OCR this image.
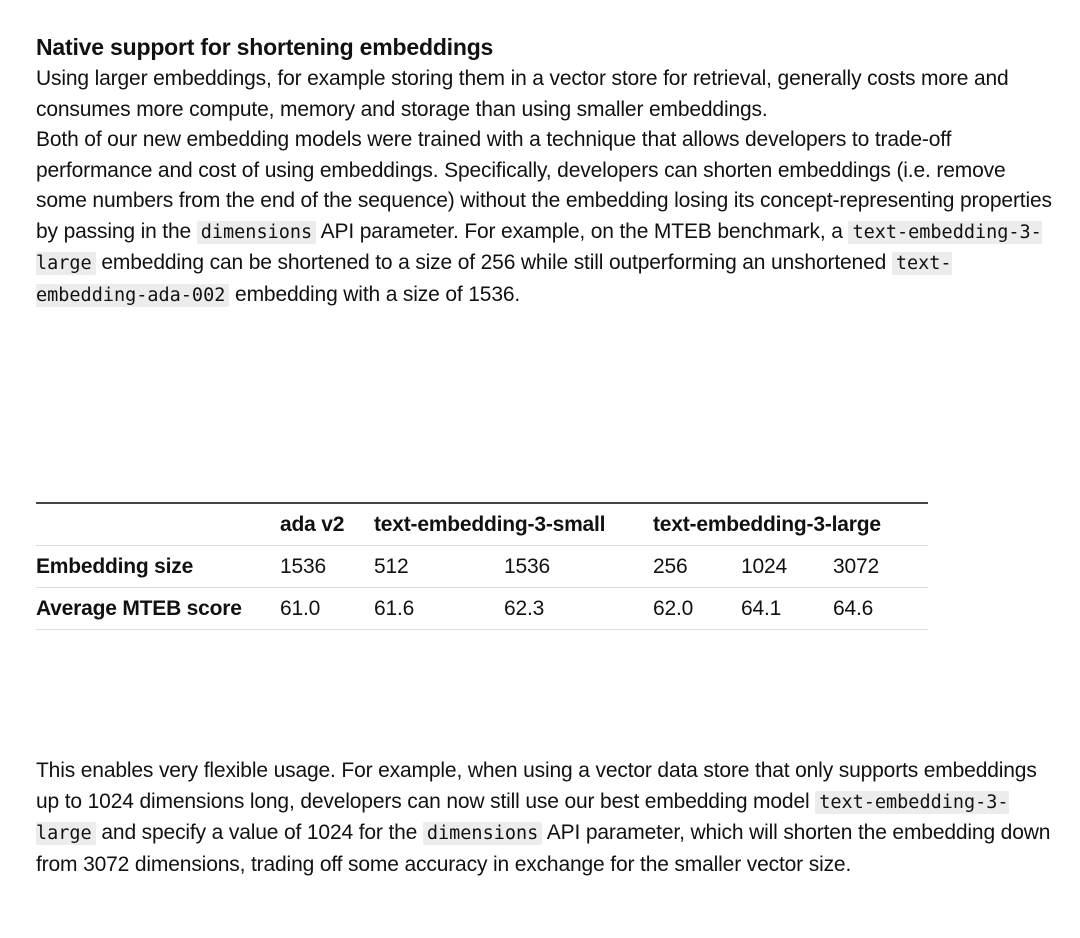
Native support for shortening embeddings

Using larger embeddings, for example storing them in a vector store for retrieval, generally costs more and consumes more compute, memory and storage than using smaller embeddings.

Both of our new embedding models were trained with a technique that allows developers to trade-off performance and cost of using embeddings. Specifically, developers can shorten embeddings (i.e. remove some numbers from the end of the sequence) without the embedding losing its concept-representing properties by passing in the dimensions API parameter. For example, on the MTEB benchmark, a text-embedding-3-large embedding can be shortened to a size of 256 while still outperforming an unshortened text-embedding-ada-002 embedding with a size of 1536.

	ada v2	text-embedding-3-small		text-embedding-3-large		
Embedding size	1536	512	1536	256	1024	3072
Average MTEB score	61.0	61.6	62.3	62.0	64.1	64.6

This enables very flexible usage. For example, when using a vector data store that only supports embeddings up to 1024 dimensions long, developers can now still use our best embedding model text-embedding-3-large and specify a value of 1024 for the dimensions API parameter, which will shorten the embedding down from 3072 dimensions, trading off some accuracy in exchange for the smaller vector size.
